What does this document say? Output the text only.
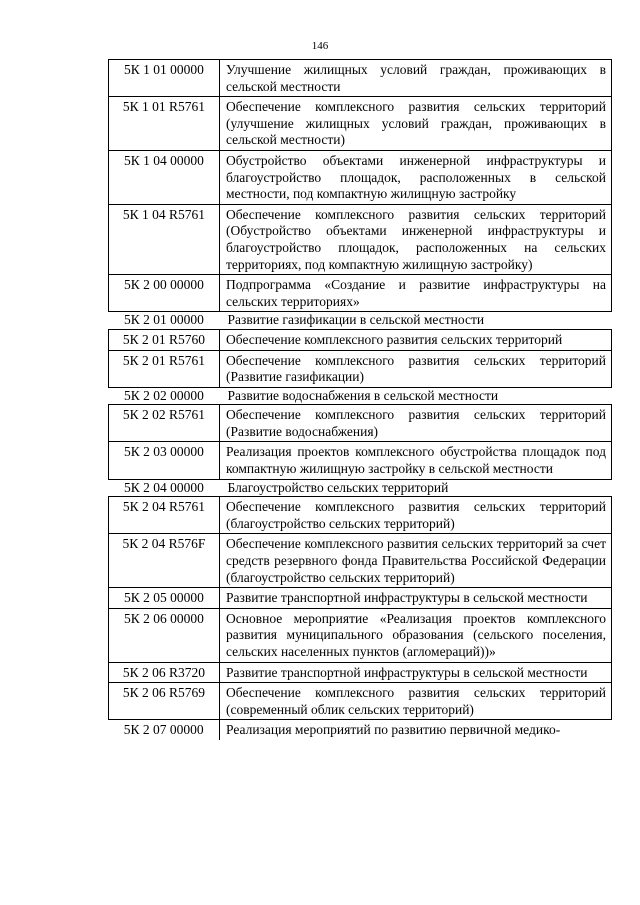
146
5К 1 01 00000	Улучшение жилищных условий граждан, проживающих в сельской местности
5К 1 01 R5761	Обеспечение комплексного развития сельских территорий (улучшение жилищных условий граждан, проживающих в сельской местности)
5К 1 04 00000	Обустройство объектами инженерной инфраструктуры и благоустройство площадок, расположенных в сельской местности, под компактную жилищную застройку
5К 1 04 R5761	Обеспечение комплексного развития сельских территорий (Обустройство объектами инженерной инфраструктуры и благоустройство площадок, расположенных на сельских территориях, под компактную жилищную застройку)
5К 2 00 00000	Подпрограмма «Создание и развитие инфраструктуры на сельских территориях»
5К 2 01 00000	Развитие газификации в сельской местности
5К 2 01 R5760	Обеспечение комплексного развития сельских территорий
5К 2 01 R5761	Обеспечение комплексного развития сельских территорий (Развитие газификации)
5К 2 02 00000	Развитие водоснабжения в сельской местности
5К 2 02 R5761	Обеспечение комплексного развития сельских территорий (Развитие водоснабжения)
5К 2 03 00000	Реализация проектов комплексного обустройства площадок под компактную жилищную застройку в сельской местности
5К 2 04 00000	Благоустройство сельских территорий
5К 2 04 R5761	Обеспечение комплексного развития сельских территорий (благоустройство сельских территорий)
5К 2 04 R576F	Обеспечение комплексного развития сельских территорий за счет средств резервного фонда Правительства Российской Федерации (благоустройство сельских территорий)
5К 2 05 00000	Развитие транспортной инфраструктуры в сельской местности
5К 2 06 00000	Основное мероприятие «Реализация проектов комплексного развития муниципального образования (сельского поселения, сельских населенных пунктов (агломераций))»
5К 2 06 R3720	Развитие транспортной инфраструктуры в сельской местности
5К 2 06 R5769	Обеспечение комплексного развития сельских территорий (современный облик сельских территорий)
5К 2 07 00000	Реализация мероприятий по развитию первичной медико-
